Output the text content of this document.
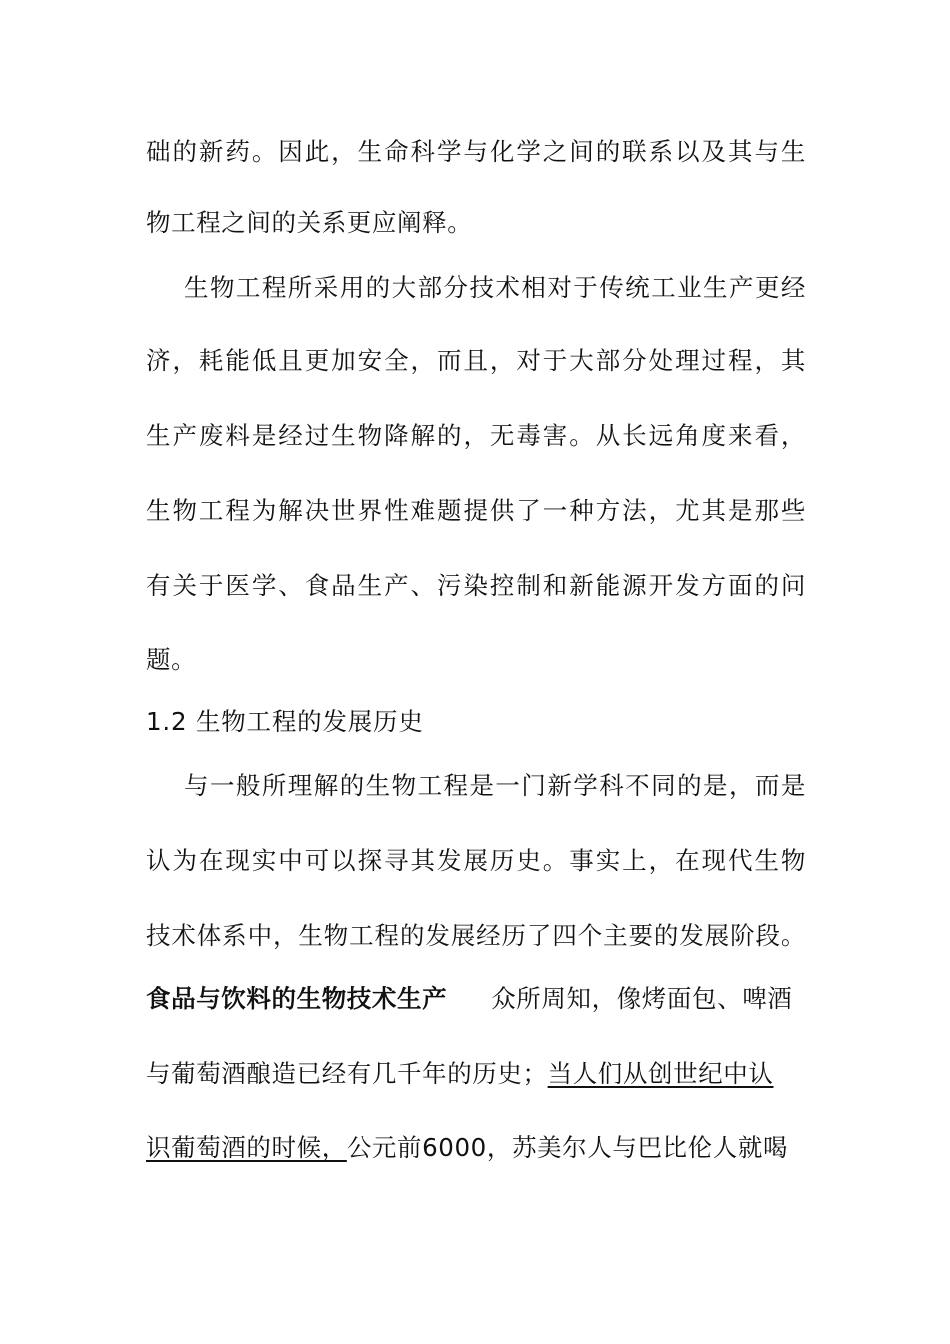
础的新药。因此，生命科学与化学之间的联系以及其与生
物工程之间的关系更应阐释。
生物工程所采用的大部分技术相对于传统工业生产更经
济，耗能低且更加安全，而且，对于大部分处理过程，其
生产废料是经过生物降解的，无毒害。从长远角度来看，
生物工程为解决世界性难题提供了一种方法，尤其是那些
有关于医学、食品生产、污染控制和新能源开发方面的问
题。
1.2 生物工程的发展历史
与一般所理解的生物工程是一门新学科不同的是，而是
认为在现实中可以探寻其发展历史。事实上，在现代生物
技术体系中，生物工程的发展经历了四个主要的发展阶段。
食品与饮料的生物技术生产 众所周知，像烤面包、啤酒
与葡萄酒酿造已经有几千年的历史；当人们从创世纪中认
识葡萄酒的时候，公元前6000，苏美尔人与巴比伦人就喝
